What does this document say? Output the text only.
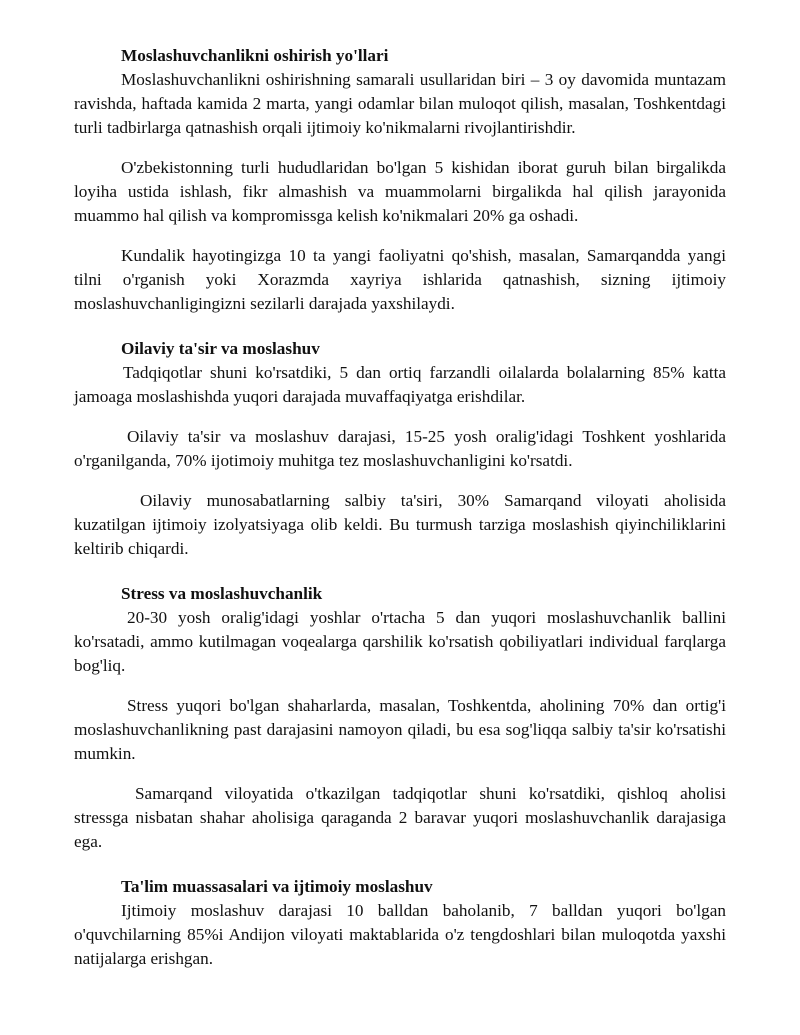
Moslashuvchanlikni oshirish yo'llari

Moslashuvchanlikni oshirishning samarali usullaridan biri – 3 oy davomida muntazam ravishda, haftada kamida 2 marta, yangi odamlar bilan muloqot qilish, masalan, Toshkentdagi turli tadbirlarga qatnashish orqali ijtimoiy ko'nikmalarni rivojlantirishdir.

O'zbekistonning turli hududlaridan bo'lgan 5 kishidan iborat guruh bilan birgalikda loyiha ustida ishlash, fikr almashish va muammolarni birgalikda hal qilish jarayonida muammo hal qilish va kompromissga kelish ko'nikmalari 20% ga oshadi.

Kundalik hayotingizga 10 ta yangi faoliyatni qo'shish, masalan, Samarqandda yangi tilni o'rganish yoki Xorazmda xayriya ishlarida qatnashish, sizning ijtimoiy moslashuvchanligingizni sezilarli darajada yaxshilaydi.

Oilaviy ta'sir va moslashuv

Tadqiqotlar shuni ko'rsatdiki, 5 dan ortiq farzandli oilalarda bolalarning 85% katta jamoaga moslashishda yuqori darajada muvaffaqiyatga erishdilar.

Oilaviy ta'sir va moslashuv darajasi, 15-25 yosh oralig'idagi Toshkent yoshlarida o'rganilganda, 70% ijotimoiy muhitga tez moslashuvchanligini ko'rsatdi.

Oilaviy munosabatlarning salbiy ta'siri, 30% Samarqand viloyati aholisida kuzatilgan ijtimoiy izolyatsiyaga olib keldi. Bu turmush tarziga moslashish qiyinchiliklarini keltirib chiqardi.

Stress va moslashuvchanlik

20-30 yosh oralig'idagi yoshlar o'rtacha 5 dan yuqori moslashuvchanlik ballini ko'rsatadi, ammo kutilmagan voqealarga qarshilik ko'rsatish qobiliyatlari individual farqlarga bog'liq.

Stress yuqori bo'lgan shaharlarda, masalan, Toshkentda, aholining 70% dan ortig'i moslashuvchanlikning past darajasini namoyon qiladi, bu esa sog'liqqa salbiy ta'sir ko'rsatishi mumkin.

Samarqand viloyatida o'tkazilgan tadqiqotlar shuni ko'rsatdiki, qishloq aholisi stressga nisbatan shahar aholisiga qaraganda 2 baravar yuqori moslashuvchanlik darajasiga ega.

Ta'lim muassasalari va ijtimoiy moslashuv

Ijtimoiy moslashuv darajasi 10 balldan baholanib, 7 balldan yuqori bo'lgan o'quvchilarning 85%i Andijon viloyati maktablarida o'z tengdoshlari bilan muloqotda yaxshi natijalarga erishgan.
